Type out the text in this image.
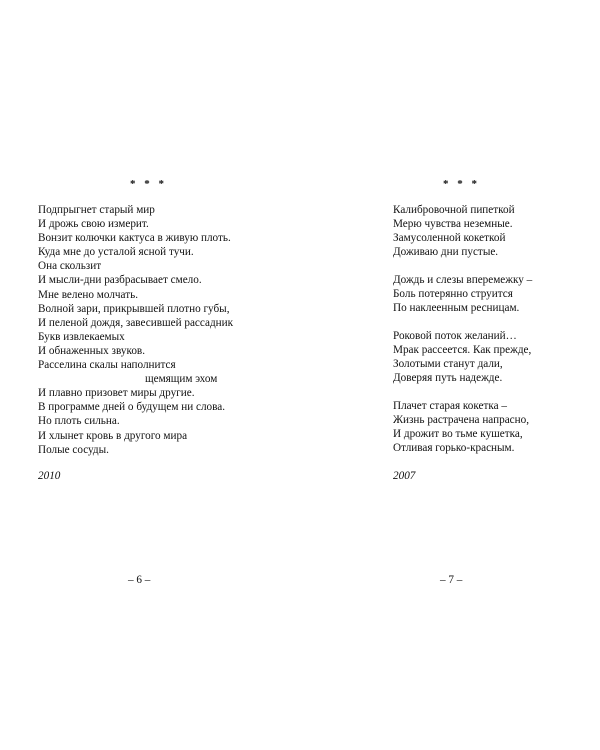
* * *
Подпрыгнет старый мир
И дрожь свою измерит.
Вонзит колючки кактуса в живую плоть.
Куда мне до усталой ясной тучи.
Она скользит
И мысли-дни разбрасывает смело.
Мне велено молчать.
Волной зари, прикрывшей плотно губы,
И пеленой дождя, завесившей рассадник
Букв извлекаемых
И обнаженных звуков.
Расселина скалы наполнится
щемящим эхом
И плавно призовет миры другие.
В программе дней о будущем ни слова.
Но плоть сильна.
И хлынет кровь в другого мира
Полые сосуды.
2010
– 6 –
* * *
Калибровочной пипеткой
Мерю чувства неземные.
Замусоленной кокеткой
Доживаю дни пустые.
Дождь и слезы вперемежку –
Боль потерянно струится
По наклеенным ресницам.
Роковой поток желаний…
Мрак рассеется. Как прежде,
Золотыми станут дали,
Доверяя путь надежде.
Плачет старая кокетка –
Жизнь растрачена напрасно,
И дрожит во тьме кушетка,
Отливая горько-красным.
2007
– 7 –
